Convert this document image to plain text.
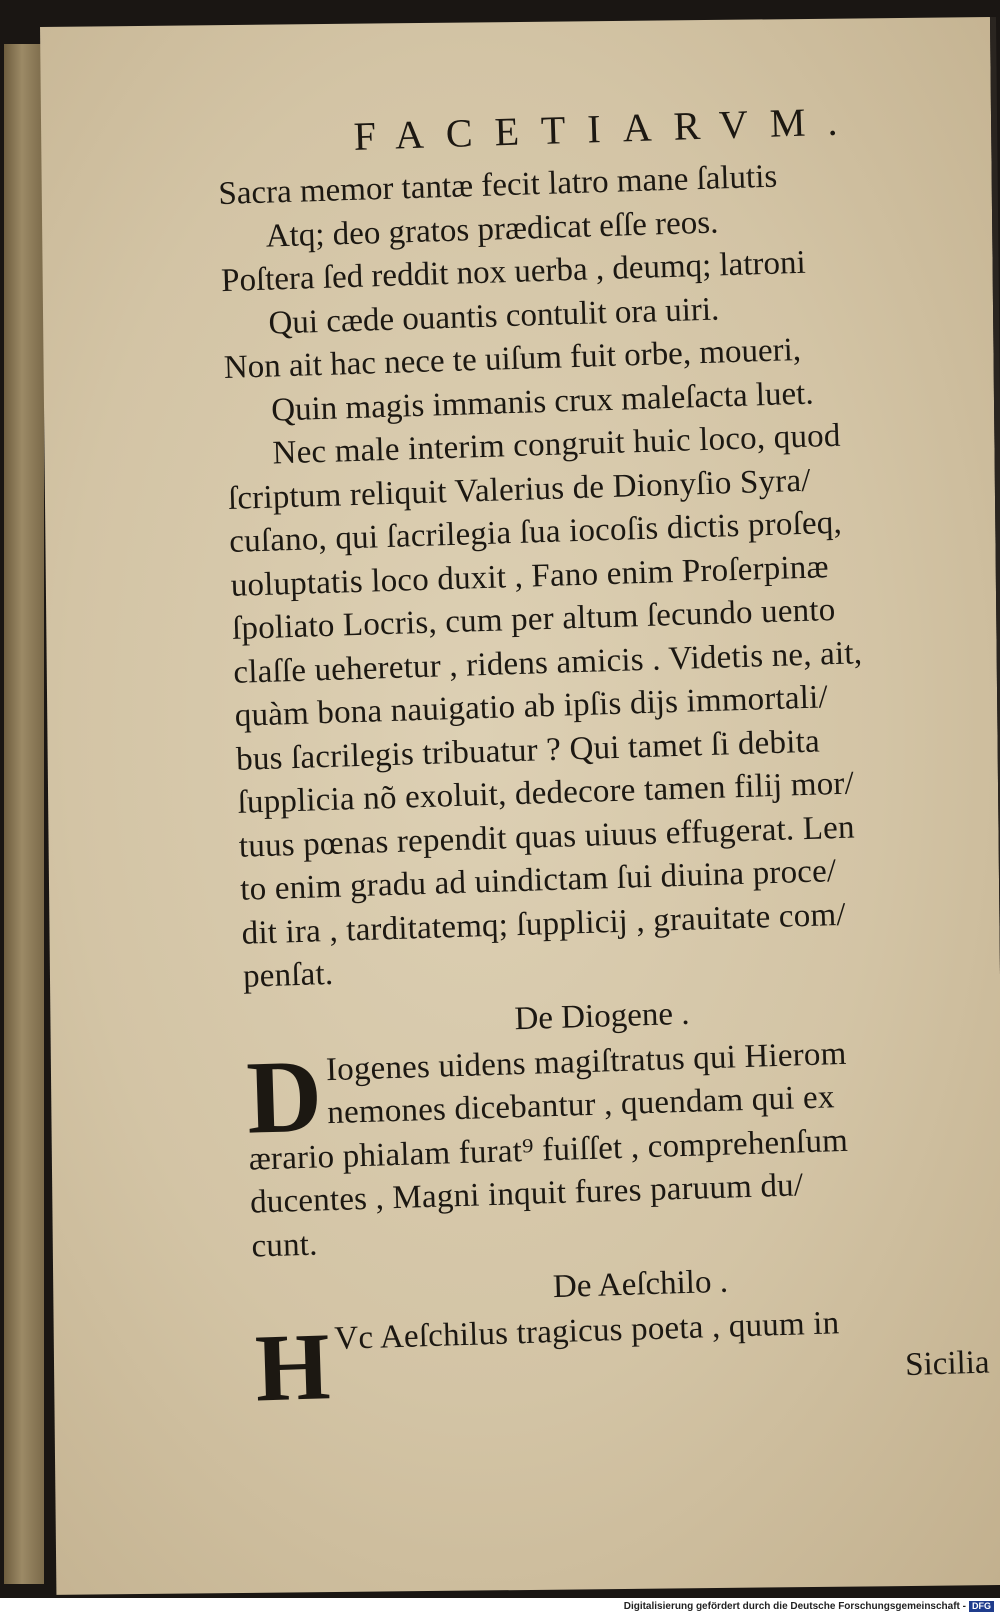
FACETIARVM.
Sacra memor tantæ fecit latro mane ſalutis
Atq; deo gratos prædicat eſſe reos.
Poſtera ſed reddit nox uerba , deumq; latroni
Qui cæde ouantis contulit ora uiri.
Non ait hac nece te uiſum fuit orbe, moueri,
Quin magis immanis crux maleſacta luet.
Nec male interim congruit huic loco, quod
ſcriptum reliquit Valerius de Dionyſio Syra/
cuſano, qui ſacrilegia ſua iocoſis dictis proſeq,
uoluptatis loco duxit , Fano enim Proſerpinæ
ſpoliato Locris, cum per altum ſecundo uento
claſſe ueheretur , ridens amicis . Videtis ne, ait,
quàm bona nauigatio ab ipſis dĳs immortali/
bus ſacrilegis tribuatur ? Qui tamet ſi debita
ſupplicia nõ exoluit, dedecore tamen filĳ mor/
tuus pœnas rependit quas uiuus effugerat. Len
to enim gradu ad uindictam ſui diuina proce/
dit ira , tarditatemq; ſupplicĳ , grauitate com/
penſat.
De Diogene .
D Iogenes uidens magiſtratus qui Hierom
nemones dicebantur , quendam qui ex
ærario phialam furat⁹ fuiſſet , comprehenſum
ducentes , Magni inquit fures paruum du/
cunt.
De Aeſchilo .
H Vc Aeſchilus tragicus poeta , quum in
Sicilia
Digitalisierung gefördert durch die Deutsche Forschungsgemeinschaft - DFG
